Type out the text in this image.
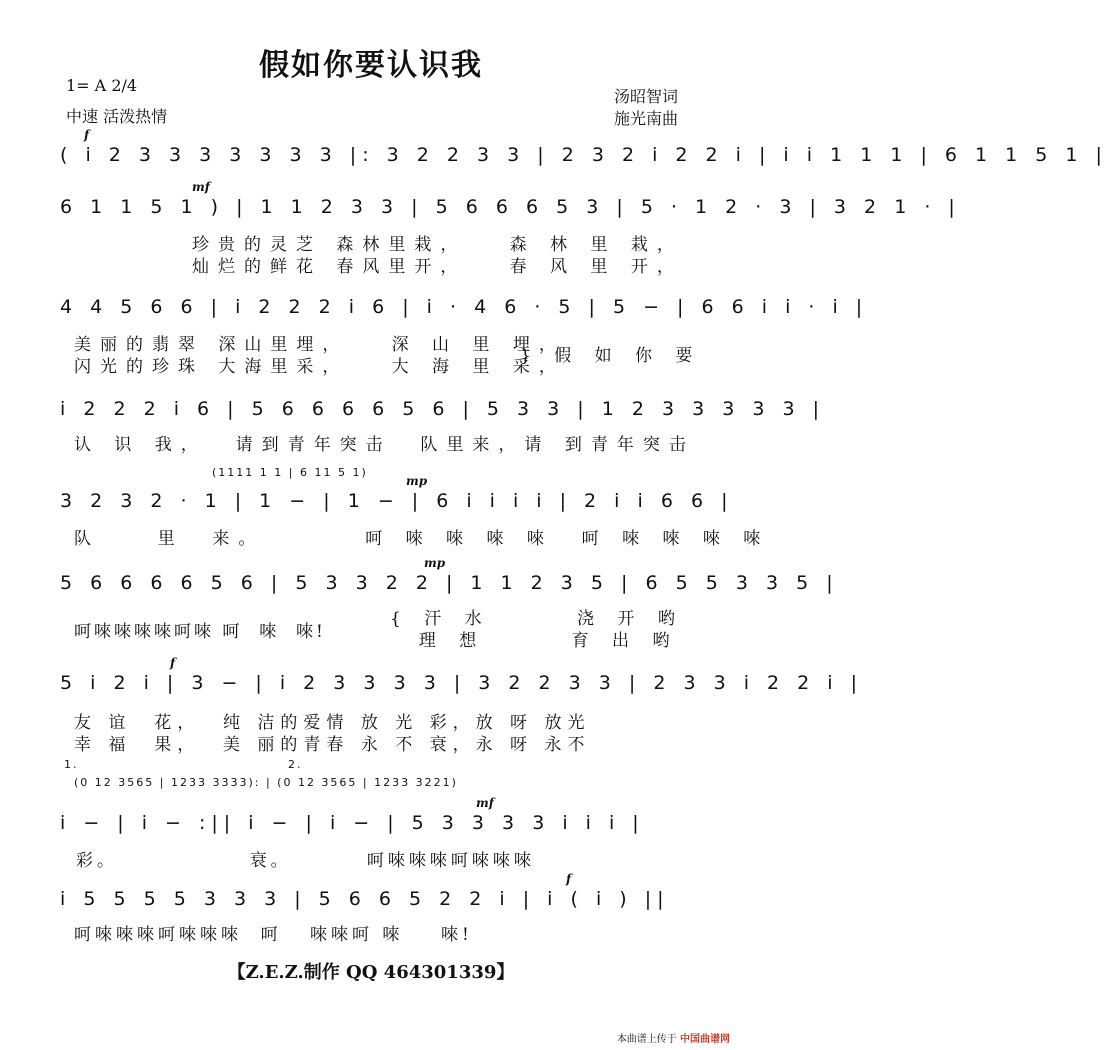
假如你要认识我
1= A 2/4
中速 活泼热情
汤昭智词
施光南曲
f
( i 2 3 3 3 3 3 3 3 |: 3 2 2 3 3 | 2 3 2 i 2 2 i | i i 1 1 1 | 6 1 1 5 1 |
mf
6 1 1 5 1 ) | 1 1 2 3 3 | 5 6 6 6 5 3 | 5 · 1 2 · 3 | 3 2 1 · |
珍贵的灵芝 森林里栽，   森 林 里 栽，
灿烂的鲜花 春风里开，   春 风 里 开，
4 4 5 6 6 | i 2 2 2 i 6 | i · 4 6 · 5 | 5 − | 6 6 i i · i |
美丽的翡翠 深山里埋，   深 山 里 埋，
闪光的珍珠 大海里采，   大 海 里 采，
} 假 如 你 要
i 2 2 2 i 6 | 5 6 6 6 6 5 6 | 5 3 3 | 1 2 3 3 3 3 3 |
认 识 我，  请到青年突击  队里来，请 到青年突击
(1111 1 1 | 6 11 5 1)
mp
3 2 3 2 · 1 | 1 − | 1 − | 6 i i i i | 2 i i 6 6 |
队    里  来。       呵 唻 唻 唻 唻  呵 唻 唻 唻 唻
mp
5 6 6 6 6 5 6 | 5 3 3 2 2 | 1 1 2 3 5 | 6 5 5 3 3 5 |
呵唻唻唻唻呵唻 呵  唻  唻!
{ 汗 水      浇 开 哟
理 想      育 出 哟
f
5 i 2 i | 3 − | i 2 3 3 3 3 | 3 2 2 3 3 | 2 3 3 i 2 2 i |
友 谊  花，  纯 洁的爱情 放 光 彩，放 呀 放光
幸 福  果，  美 丽的青春 永 不 衰，永 呀 永不
1.	2.
(0 12 3565 | 1233 3333): | (0 12 3565 | 1233 3221)
mf
i − | i − :|| i − | i − | 5 3 3 3 3 i i i |
彩。              衰。        呵唻唻唻呵唻唻唻
f
i 5 5 5 5 3 3 3 | 5 6 6 5 2 2 i | i ( i ) ||
呵唻唻唻呵唻唻唻  呵   唻唻呵 唻    唻!
【Z.E.Z.制作 QQ 464301339】
本曲谱上传于 中国曲谱网
